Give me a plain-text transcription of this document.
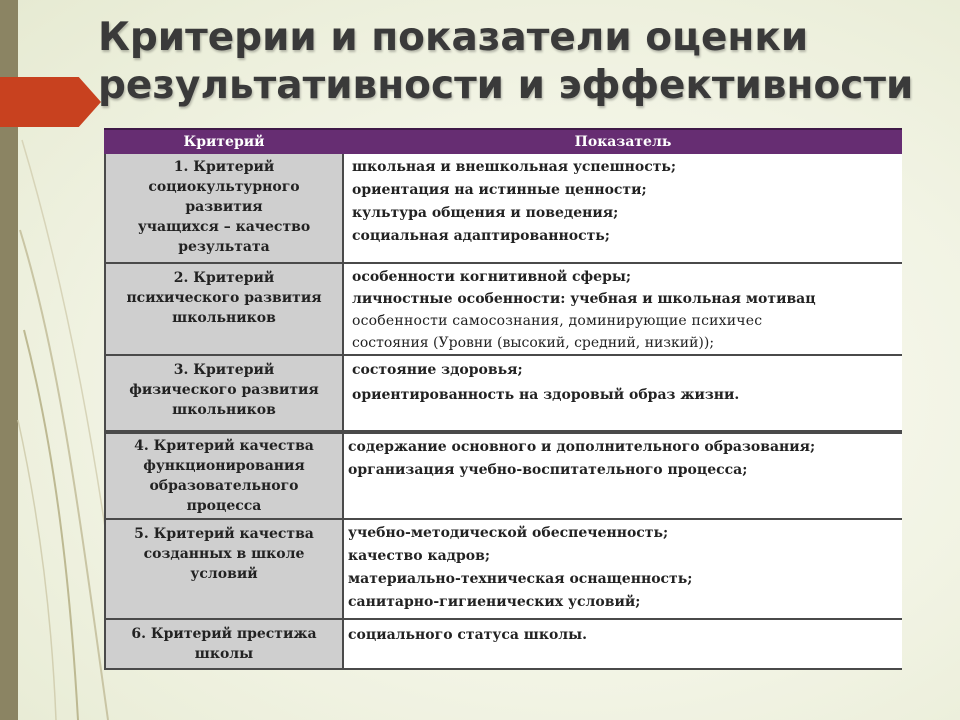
Критерии и показатели оценки
результативности и эффективности
Критерий	Показатель
1. Критерий
социокультурного
развития
учащихся – качество
результата
школьная и внешкольная успешность;
ориентация на истинные ценности;
культура общения и поведения;
социальная адаптированность;
2. Критерий
психического развития
школьников
особенности когнитивной сферы;
личностные особенности: учебная и школьная мотивац
особенности самосознания, доминирующие психичес
состояния (Уровни (высокий, средний, низкий));
3. Критерий
физического развития
школьников
состояние здоровья;
ориентированность на здоровый образ жизни.
4. Критерий качества
функционирования
образовательного
процесса
содержание основного и дополнительного образования;
организация учебно-воспитательного процесса;
5. Критерий качества
созданных в школе
условий
учебно-методической обеспеченность;
качество кадров;
материально-техническая оснащенность;
санитарно-гигиенических условий;
6. Критерий престижа
школы
социального статуса школы.
